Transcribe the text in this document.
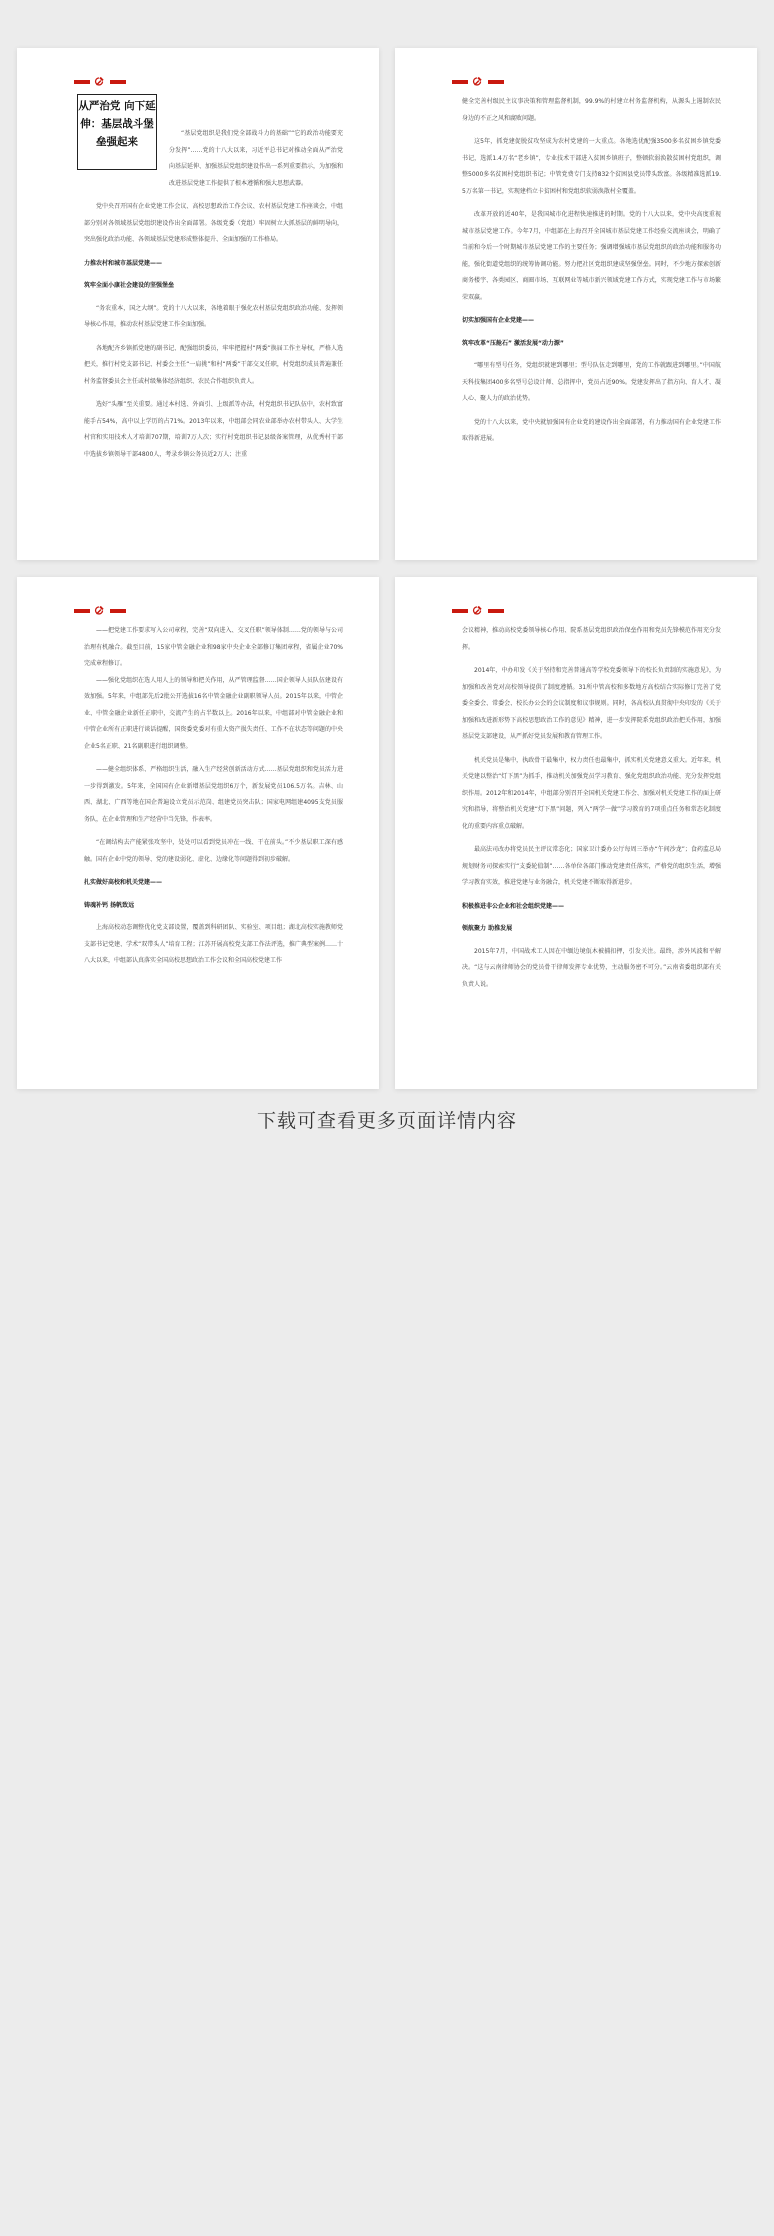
从严治党 向下延伸：基层战斗堡垒强起来
“基层党组织是我们党全部战斗力的基础”“它的政治功能要充分发挥”……党的十八大以来，习近平总书记对推动全面从严治党向基层延伸、加强基层党组织建设作出一系列重要指示，为加强和改进基层党建工作提供了根本遵循和强大思想武器。
党中央召开国有企业党建工作会议、高校思想政治工作会议、农村基层党建工作座谈会，中组部分别对各领域基层党组织建设作出全面部署。各级党委（党组）牢固树立大抓基层的鲜明导向，突出强化政治功能、各领域基层党建形成整体提升、全面加强的工作格局。
力推农村和城市基层党建——
筑牢全面小康社会建设的坚强堡垒
“务农重本，国之大纲”。党的十八大以来，各地着眼于强化农村基层党组织政治功能、发挥领导核心作用，推动农村基层党建工作全面加强。
各地配齐乡镇抓党建的副书记、配强组织委员，牢牢把握村“两委”换届工作主导权，严格人选把关，推行村党支部书记、村委会主任“一肩挑”和村“两委”干部交叉任职，村党组织成员普遍兼任村务监督委员会主任或村级集体经济组织、农民合作组织负责人。
选好“头雁”至关重要。通过本村选、外面引、上级派等办法，村党组织书记队伍中，农村致富能手占54%，高中以上学历的占71%。2013年以来，中组部会同农业部举办农村带头人、大学生村官和实用技术人才培训707期，培训7万人次；实行村党组织书记县级备案管理，从优秀村干部中选拔乡镇领导干部4800人，考录乡镇公务员近2万人；注重
健全完善村级民主议事决策和管理监督机制，99.9%的村建立村务监督机构，从源头上遏制农民身边的不正之风和腐败问题。
这5年，抓党建促脱贫攻坚成为农村党建的一大重点。各地选优配强3500多名贫困乡镇党委书记，选派1.4万名“老乡镇”，专业技术干部进入贫困乡镇班子，整顿软弱涣散贫困村党组织，调整5000多名贫困村党组织书记；中管党费专门支持832个贫困县党员带头致富。各级精准选派19.5万名第一书记，实现建档立卡贫困村和党组织软弱涣散村全覆盖。
改革开放的近40年，是我国城市化进程快速推进的时期。党的十八大以来，党中央高度重视城市基层党建工作。今年7月，中组部在上海召开全国城市基层党建工作经验交流座谈会，明确了当前和今后一个时期城市基层党建工作的主要任务；强调增强城市基层党组织的政治功能和服务功能，强化街道党组织的统筹协调功能。努力把社区党组织建成坚强堡垒。同时，不少地方探索创新商务楼宇、各类园区、商圈市场、互联网业等城市新兴领域党建工作方式，实现党建工作与市场繁荣双赢。
切实加强国有企业党建——
筑牢改革“压舱石” 激活发展“动力源”
“哪里有型号任务，党组织就建到哪里；型号队伍走到哪里，党的工作就跟进到哪里。”中国航天科技集团400多名型号总设计师、总指挥中，党员占近90%。党建发挥出了指方向、育人才、凝人心、聚人力的政治优势。
党的十八大以来，党中央就加强国有企业党的建设作出全面部署，有力推动国有企业党建工作取得新进展。
——把党建工作要求写入公司章程，完善“双向进入、交叉任职”领导体制……党的领导与公司治理有机融合。截至目前，15家中管金融企业和98家中央企业全部修订集团章程，省属企业70%完成章程修订。
——强化党组织在选人用人上的领导和把关作用，从严管理监督……国企领导人员队伍建设有效加强。5年来，中组部先后2批公开选拔16名中管金融企业副职领导人员。2015年以来，中管企业、中管金融企业新任正职中，交流产生的占半数以上。2016年以来，中组部对中管金融企业和中管企业所有正职进行谈话提醒，国资委党委对有重大资产损失责任、工作不在状态等问题的中央企业5名正职、21名副职进行组织调整。
——健全组织体系、严格组织生活，融入生产经营创新活动方式……基层党组织和党员活力进一步得到激发。5年来，全国国有企业新增基层党组织6万个，新发展党员106.5万名。吉林、山西、湖北、广西等地在国企普遍设立党员示范岗、组建党员突击队；国家电网组建4095支党员服务队，在企业管理和生产经营中当先锋，作表率。
“在调结构去产能紧张攻坚中，处处可以看到党员冲在一线、干在前头。”不少基层职工深有感触。国有企业中党的领导、党的建设弱化、虚化、边缘化等问题得到初步破解。
扎实做好高校和机关党建——
铸魂补钙 扬帆致远
上海高校动态调整优化党支部设置，覆盖到科研团队、实验室、项目组；湖北高校实施教师党支部书记党建、学术“双带头人”培育工程；江苏开展高校党支部工作法评选，推广典型案例……十八大以来，中组部认真落实全国高校思想政治工作会议和全国高校党建工作
会议精神，推动高校党委领导核心作用、院系基层党组织政治保垒作用和党员先锋模范作用充分发挥。
2014年，中办印发《关于坚持和完善普通高等学校党委领导下的校长负责制的实施意见》，为加强和改善党对高校领导提供了制度遵循。31所中管高校和多数地方高校结合实际修订完善了党委全委会、常委会、校长办公会的会议制度和议事规则。同时，各高校认真贯彻中央印发的《关于加强和改进新形势下高校思想政治工作的意见》精神，进一步发挥院系党组织政治把关作用，加强基层党支部建设，从严抓好党员发展和教育管理工作。
机关党员是集中，执政骨干最集中，权力责任也最集中，抓实机关党建意义重大。近年来，机关党建以整治“灯下黑”为抓手，推动机关加强党员学习教育、强化党组织政治功能、充分发挥党组织作用。2012年和2014年，中组部分别召开全国机关党建工作会、加强对机关党建工作的面上研究和指导，将整治机关党建“灯下黑”问题，列入“两学一做”学习教育的7项重点任务和常态化制度化的重要内容重点破解。
最高法司改办将党员民主评议常态化；国家卫计委办公厅每周三举办“午间沙龙”；食药监总局规划财务司探索实行“支委轮值制”……各单位各部门推动党建责任落实，严格党的组织生活，增强学习教育实效，推进党建与业务融合，机关党建不断取得新进步。
积极推进非公企业和社会组织党建——
领航聚力 助推发展
2015年7月，中国战术工人因在中缅边境佤木被捕扣押，引发关注。最终，涉外风波和平解决。“这与云南律师协会的党员骨干律师发挥专业优势，主动服务密不可分。”云南省委组织部有关负责人说。
下载可查看更多页面详情内容
